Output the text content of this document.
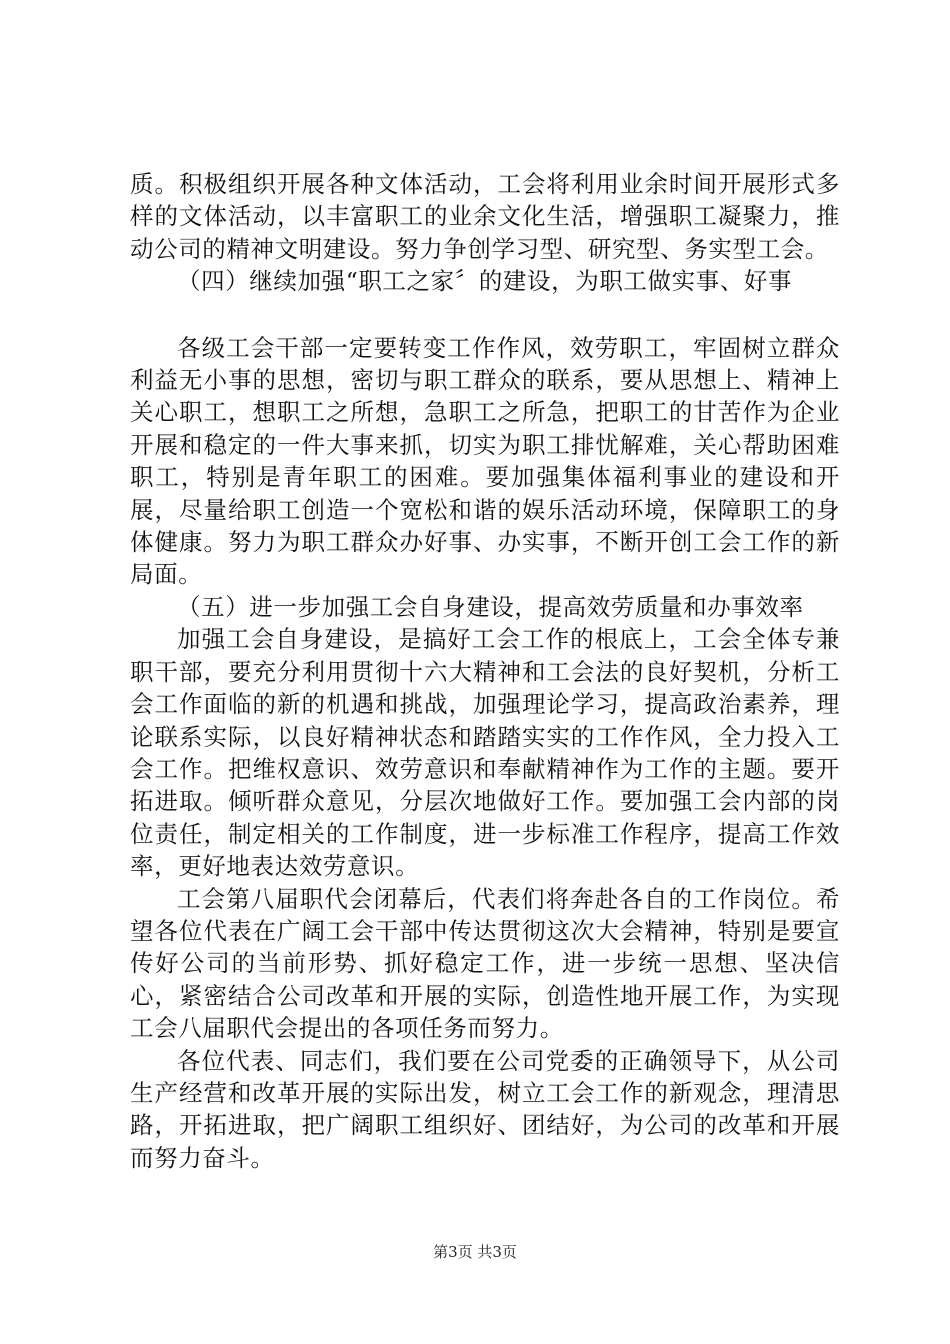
质。积极组织开展各种文体活动，工会将利用业余时间开展形式多样的文体活动，以丰富职工的业余文化生活，增强职工凝聚力，推动公司的精神文明建设。努力争创学习型、研究型、务实型工会。

（四）继续加强“职工之家〞的建设，为职工做实事、好事

各级工会干部一定要转变工作作风，效劳职工，牢固树立群众利益无小事的思想，密切与职工群众的联系，要从思想上、精神上关心职工，想职工之所想，急职工之所急，把职工的甘苦作为企业开展和稳定的一件大事来抓，切实为职工排忧解难，关心帮助困难职工，特别是青年职工的困难。要加强集体福利事业的建设和开展，尽量给职工创造一个宽松和谐的娱乐活动环境，保障职工的身体健康。努力为职工群众办好事、办实事，不断开创工会工作的新局面。

（五）进一步加强工会自身建设，提高效劳质量和办事效率

加强工会自身建设，是搞好工会工作的根底上，工会全体专兼职干部，要充分利用贯彻十六大精神和工会法的良好契机，分析工会工作面临的新的机遇和挑战，加强理论学习，提高政治素养，理论联系实际，以良好精神状态和踏踏实实的工作作风，全力投入工会工作。把维权意识、效劳意识和奉献精神作为工作的主题。要开拓进取。倾听群众意见，分层次地做好工作。要加强工会内部的岗位责任，制定相关的工作制度，进一步标准工作程序，提高工作效率，更好地表达效劳意识。

工会第八届职代会闭幕后，代表们将奔赴各自的工作岗位。希望各位代表在广阔工会干部中传达贯彻这次大会精神，特别是要宣传好公司的当前形势、抓好稳定工作，进一步统一思想、坚决信心，紧密结合公司改革和开展的实际，创造性地开展工作，为实现工会八届职代会提出的各项任务而努力。

各位代表、同志们，我们要在公司党委的正确领导下，从公司生产经营和改革开展的实际出发，树立工会工作的新观念，理清思路，开拓进取，把广阔职工组织好、团结好，为公司的改革和开展而努力奋斗。

第3页 共3页
